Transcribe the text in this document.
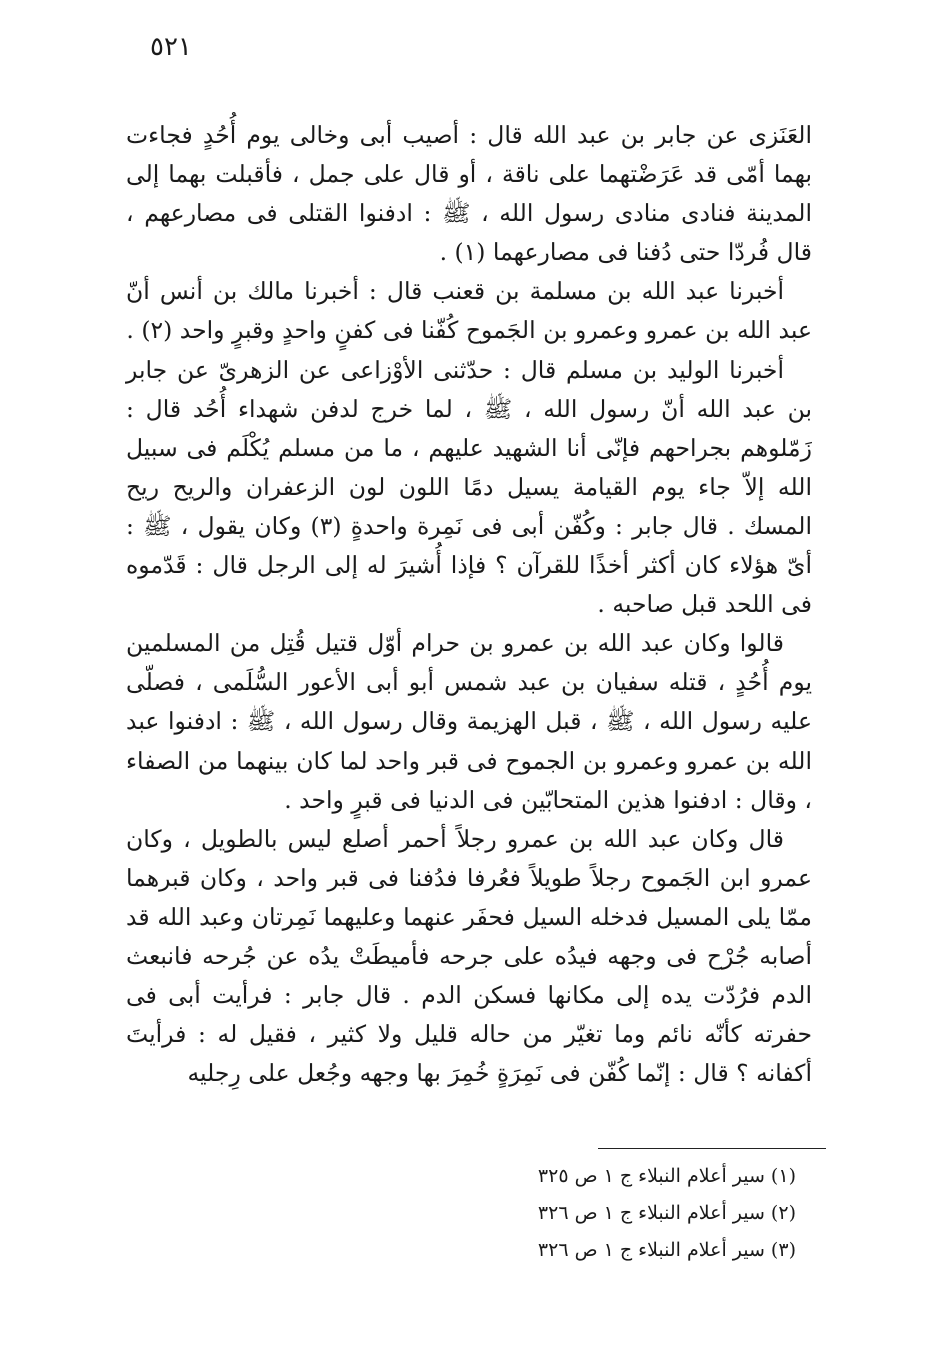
٥٢١

العَنَزى عن جابر بن عبد الله قال : أصيب أبى وخالى يوم أُحُدٍ فجاءت بهما أمّى قد عَرَضْتهما على ناقة ، أو قال على جمل ، فأقبلت بهما إلى المدينة فنادى منادى رسول الله ، ﷺ : ادفنوا القتلى فى مصارعهم ، قال فُردّا حتى دُفنا فى مصارعهما (١) .

أخبرنا عبد الله بن مسلمة بن قعنب قال : أخبرنا مالك بن أنس أنّ عبد الله بن عمرو وعمرو بن الجَموح كُفّنا فى كفنٍ واحدٍ وقبرٍ واحد (٢) .

أخبرنا الوليد بن مسلم قال : حدّثنى الأوْزاعى عن الزهرىّ عن جابر بن عبد الله أنّ رسول الله ، ﷺ ، لما خرج لدفن شهداء أُحُد قال : زَمّلوهم بجراحهم فإنّى أنا الشهيد عليهم ، ما من مسلم يُكْلَم فى سبيل الله إلاّ جاء يوم القيامة يسيل دمًا اللون لون الزعفران والريح ريح المسك . قال جابر : وكُفّن أبى فى نَمِرة واحدةٍ (٣) وكان يقول ، ﷺ : أىّ هؤلاء كان أكثر أخذًا للقرآن ؟ فإذا أُشيرَ له إلى الرجل قال : قَدّموه فى اللحد قبل صاحبه .

قالوا وكان عبد الله بن عمرو بن حرام أوّل قتيل قُتِل من المسلمين يوم أُحُدٍ ، قتله سفيان بن عبد شمس أبو أبى الأعور السُّلَمى ، فصلّى عليه رسول الله ، ﷺ ، قبل الهزيمة وقال رسول الله ، ﷺ : ادفنوا عبد الله بن عمرو وعمرو بن الجموح فى قبر واحد لما كان بينهما من الصفاء ، وقال : ادفنوا هذين المتحابّين فى الدنيا فى قبرٍ واحد .

قال وكان عبد الله بن عمرو رجلاً أحمر أصلع ليس بالطويل ، وكان عمرو ابن الجَموح رجلاً طويلاً فعُرفا فدُفنا فى قبر واحد ، وكان قبرهما ممّا يلى المسيل فدخله السيل فحفَر عنهما وعليهما نَمِرتان وعبد الله قد أصابه جُرْح فى وجهه فيدُه على جرحه فأميطَتْ يدُه عن جُرحه فانبعث الدم فرُدّت يده إلى مكانها فسكن الدم . قال جابر : فرأيت أبى فى حفرته كأنّه نائم وما تغيّر من حاله قليل ولا كثير ، فقيل له : فرأيتَ أكفانه ؟ قال : إنّما كُفّن فى نَمِرَةٍ خُمِرَ بها وجهه وجُعل على رِجليه

(١) سير أعلام النبلاء ج ١ ص ٣٢٥

(٢) سير أعلام النبلاء ج ١ ص ٣٢٦

(٣) سير أعلام النبلاء ج ١ ص ٣٢٦
